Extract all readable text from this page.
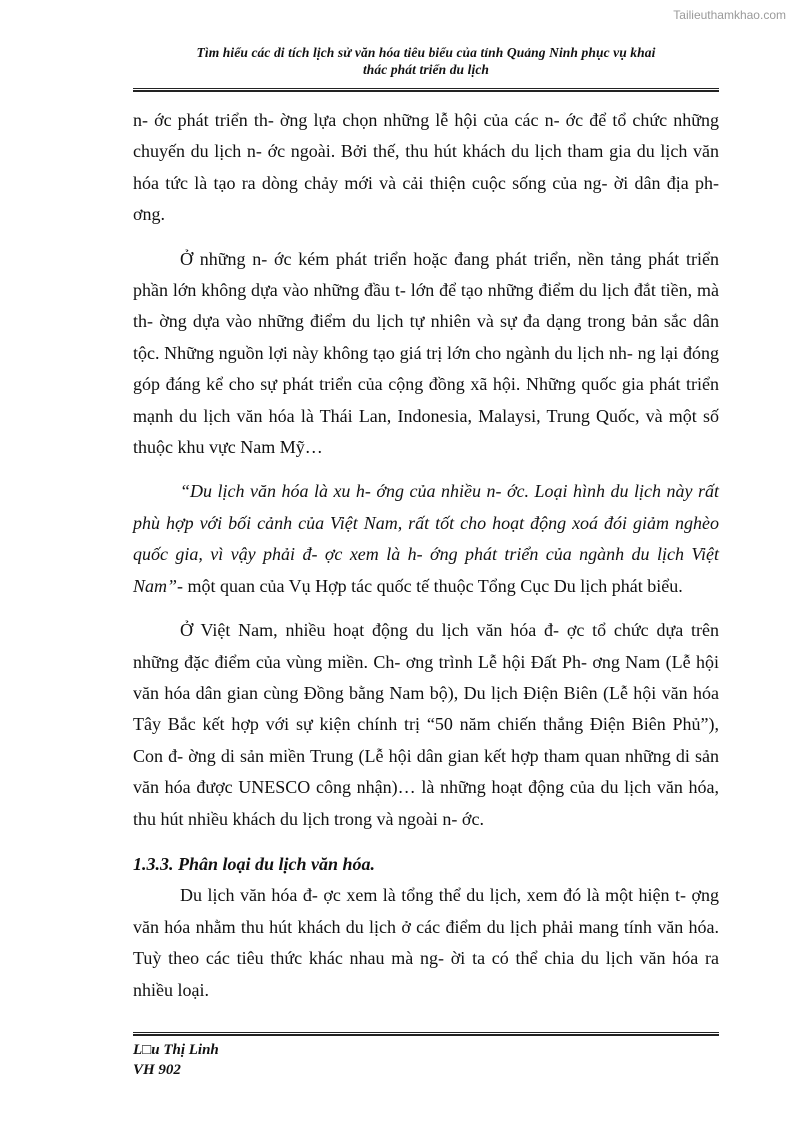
Tailieuthamkhao.com
Tìm hiểu các di tích lịch sử văn hóa tiêu biểu của tỉnh Quảng Ninh phục vụ khai
thác phát triển du lịch

n- ớc phát triển th- ờng lựa chọn những lễ hội của các n- ớc để tổ chức những chuyến du lịch n- ớc ngoài. Bởi thế, thu hút khách du lịch tham gia du lịch văn hóa tức là tạo ra dòng chảy mới và cải thiện cuộc sống của ng- ời dân địa ph- ơng.

Ở những n- ớc kém phát triển hoặc đang phát triển, nền tảng phát triển phần lớn không dựa vào những đầu t- lớn để tạo những điểm du lịch đắt tiền, mà th- ờng dựa vào những điểm du lịch tự nhiên và sự đa dạng trong bản sắc dân tộc. Những nguồn lợi này không tạo giá trị lớn cho ngành du lịch nh- ng lại đóng góp đáng kể cho sự phát triển của cộng đồng xã hội. Những quốc gia phát triển mạnh du lịch văn hóa là Thái Lan, Indonesia, Malaysi, Trung Quốc, và một số thuộc khu vực Nam Mỹ…

“Du lịch văn hóa là xu h- ớng của nhiều n- ớc. Loại hình du lịch này rất phù hợp với bối cảnh của Việt Nam, rất tốt cho hoạt động xoá đói giảm nghèo quốc gia, vì vậy phải đ- ợc xem là h- ớng phát triển của ngành du lịch Việt Nam”- một quan của Vụ Hợp tác quốc tế thuộc Tổng Cục Du lịch phát biểu.

Ở Việt Nam, nhiều hoạt động du lịch văn hóa đ- ợc tổ chức dựa trên những đặc điểm của vùng miền. Ch- ơng trình Lễ hội Đất Ph- ơng Nam (Lễ hội văn hóa dân gian cùng Đồng bằng Nam bộ), Du lịch Điện Biên (Lễ hội văn hóa Tây Bắc kết hợp với sự kiện chính trị “50 năm chiến thắng Điện Biên Phủ”), Con đ- ờng di sản miền Trung (Lễ hội dân gian kết hợp tham quan những di sản văn hóa được UNESCO công nhận)… là những hoạt động của du lịch văn hóa, thu hút nhiều khách du lịch trong và ngoài n- ớc.

1.3.3. Phân loại du lịch văn hóa.

Du lịch văn hóa đ- ợc xem là tổng thể du lịch, xem đó là một hiện t- ợng văn hóa nhằm thu hút khách du lịch ở các điểm du lịch phải mang tính văn hóa. Tuỳ theo các tiêu thức khác nhau mà ng- ời ta có thể chia du lịch văn hóa ra nhiều loại.

L□u Thị Linh
VH 902
